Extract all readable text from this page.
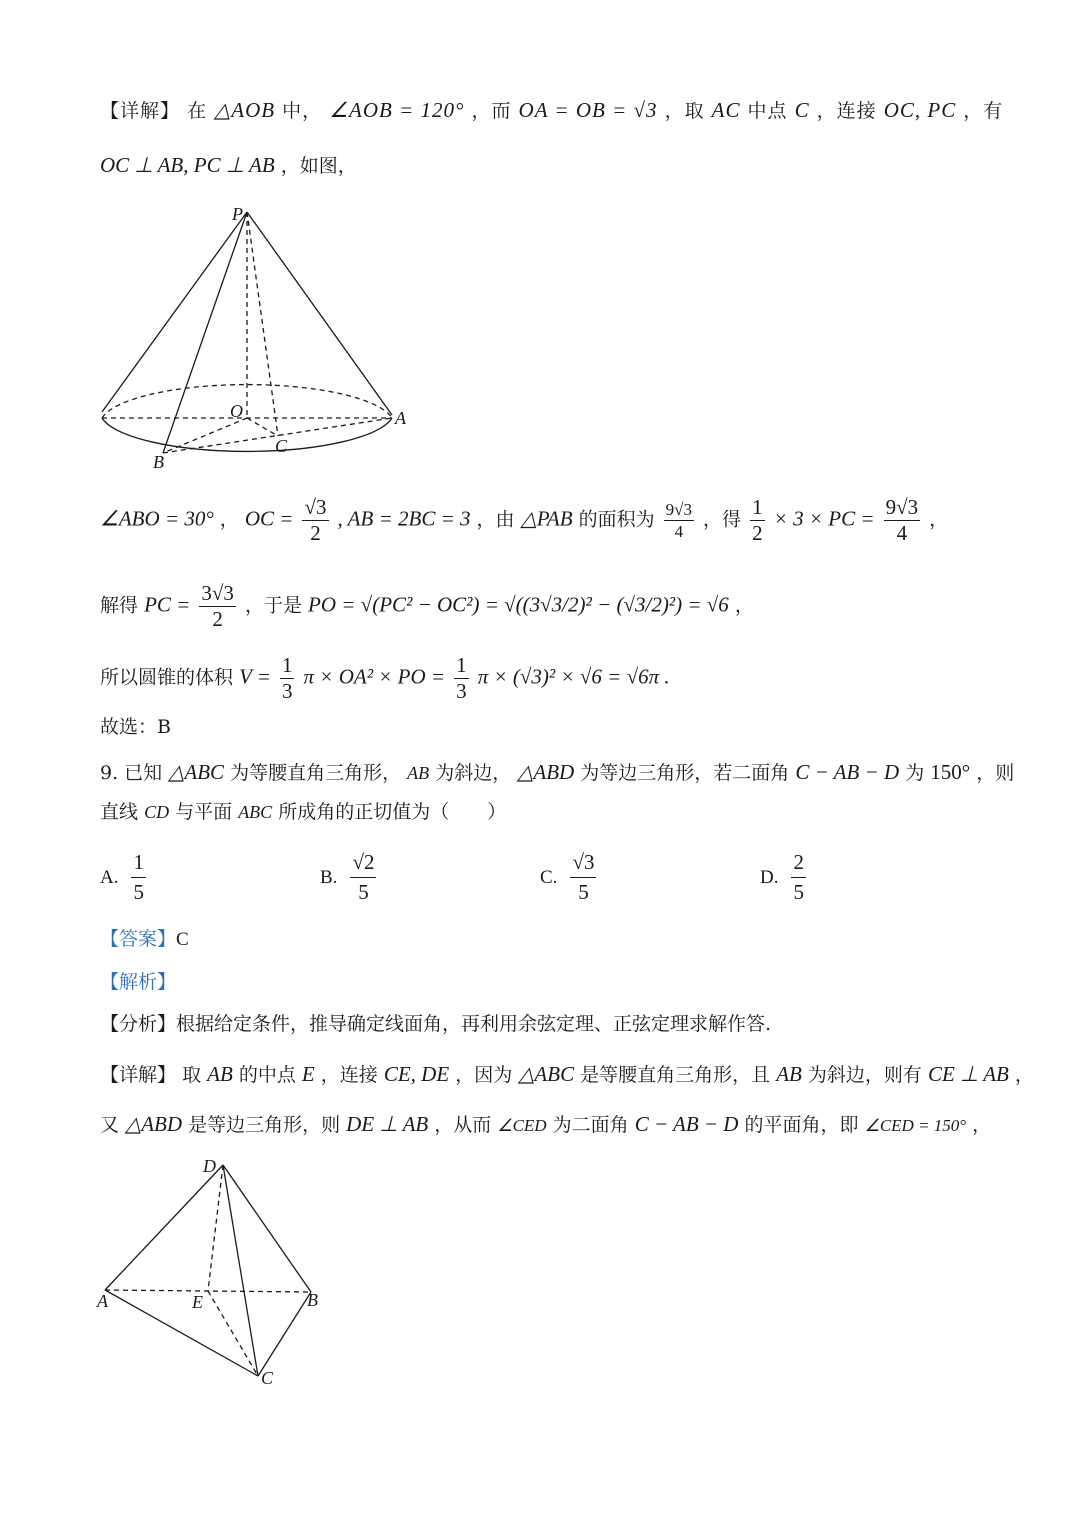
【详解】 在 △AOB 中， ∠AOB = 120° ，而 OA = OB = √3 ，取 AC 中点 C ，连接 OC, PC ，有
OC ⊥ AB, PC ⊥ AB ，如图，
P
O	A
B
C
∠ABO = 30° ， OC = $\frac{√3}{2}$ , AB = 2BC = 3 ，由 △PAB 的面积为 $\frac{9√3}{4}$ ，得 $\frac{1}{2} \times 3$ × PC = $\frac{9√3}{4}$ ，
解得 PC = $\frac{3√3}{2}$ ，于是 PO = √(PC² − OC²) = √((3√3/2)² − (√3/2)²) = √6 ，
所以圆锥的体积 $V = \frac{1}{3}$ π × OA² × PO = $\frac{1}{3}$ π × (√3)² × √6 = √6π .
故选：B
9. 已知 △ABC 为等腰直角三角形， AB 为斜边， △ABD 为等边三角形，若二面角 C − AB − D 为 150° ，则
直线 CD 与平面 ABC 所成角的正切值为（　　）
A. $\frac{1}{5}$	B. $\frac{√2}{5}$	C. $\frac{√3}{5}$	D. $\frac{2}{5}$
【答案】C
【解析】
【分析】根据给定条件，推导确定线面角，再利用余弦定理、正弦定理求解作答.
【详解】 取 AB 的中点 E ，连接 CE, DE ，因为 △ABC 是等腰直角三角形，且 AB 为斜边，则有 CE ⊥ AB ，
又 △ABD 是等边三角形，则 DE ⊥ AB ，从而 ∠CED 为二面角 C − AB − D 的平面角，即 ∠CED = 150° ，
D
A	E	B
C
